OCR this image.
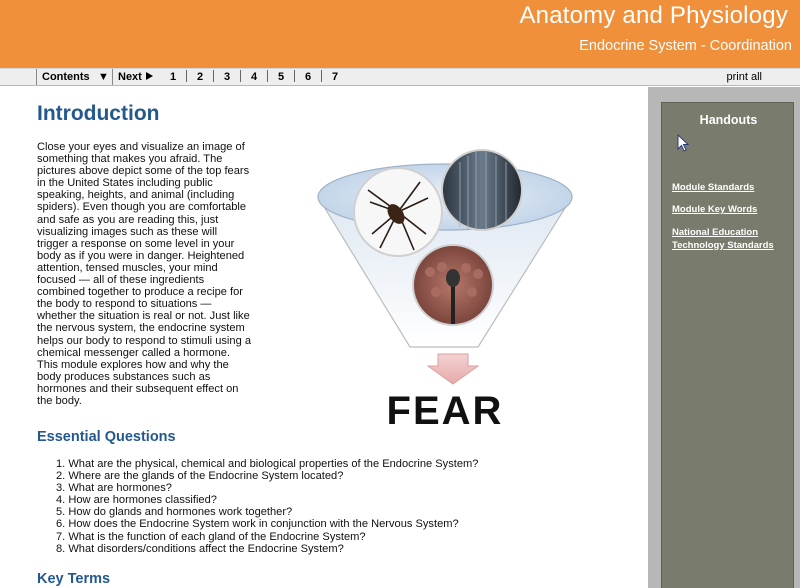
Anatomy and Physiology
Endocrine System - Coordination
Contents ▼ Next	1 2 3 4 5 6 7	print all
Introduction
Close your eyes and visualize an image of something that makes you afraid. The pictures above depict some of the top fears in the United States including public speaking, heights, and animal (including spiders). Even though you are comfortable and safe as you are reading this, just visualizing images such as these will trigger a response on some level in your body as if you were in danger. Heightened attention, tensed muscles, your mind focused — all of these ingredients combined together to produce a recipe for the body to respond to situations — whether the situation is real or not. Just like the nervous system, the endocrine system helps our body to respond to stimuli using a chemical messenger called a hormone. This module explores how and why the body produces substances such as hormones and their subsequent effect on the body.	FEAR
Essential Questions
1. What are the physical, chemical and biological properties of the Endocrine System?
2. Where are the glands of the Endocrine System located?
3. What are hormones?
4. How are hormones classified?
5. How do glands and hormones work together?
6. How does the Endocrine System work in conjunction with the Nervous System?
7. What is the function of each gland of the Endocrine System?
8. What disorders/conditions affect the Endocrine System?
Key Terms
Handouts
Module Standards
Module Key Words
National Education
Technology Standards
